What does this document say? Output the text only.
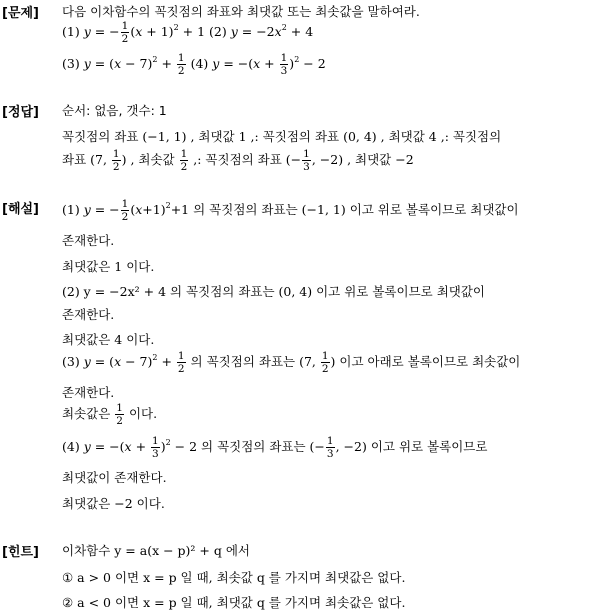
[문제] 다음 이차함수의 꼭짓점의 좌표와 최댓값 또는 최솟값을 말하여라.
(1) y = − $\frac{1}{2} (x + 1)^2 + 1$ (2) $y = -2x^2 + 4$
(3) $y = (x - 7)^2 + \frac{1}{2} (4)$ $y = -(x + \frac{1}{3} )^2 - 2$
[정답] 순서: 없음, 갯수: 1
꼭짓점의 좌표 (−1, 1) , 최댓값 1 ,: 꼭짓점의 좌표 (0, 4) , 최댓값 4 ,: 꼭짓점의
좌표 (7, $\frac{1}{2}$ ) , 최솟값 $\frac{1}{2}$ ,: 꼭짓점의 좌표 (− $\frac{1}{3}$ , −2) , 최댓값 −2
[해설] (1) y = − $\frac{1}{2} (x+1)^2+1$ 의 꼭짓점의 좌표는 (−1, 1) 이고 위로 볼록이므로 최댓값이
존재한다.
최댓값은 1 이다.
(2) y = −2x² + 4 의 꼭짓점의 좌표는 (0, 4) 이고 위로 볼록이므로 최댓값이
존재한다.
최댓값은 4 이다.
(3) $y = (x - 7)^2 + \frac{1}{2}$ 의 꼭짓점의 좌표는 (7, $\frac{1}{2}$ ) 이고 아래로 볼록이므로 최솟값이
존재한다.
최솟값은 $\frac{1}{2}$ 이다.
(4) $y = -(x + \frac{1}{3} )^2 - 2$ 의 꼭짓점의 좌표는 (− $\frac{1}{3}$ , −2) 이고 위로 볼록이므로
최댓값이 존재한다.
최댓값은 −2 이다.
[힌트] 이차함수 y = a(x − p)² + q 에서
① a > 0 이면 x = p 일 때, 최솟값 q 를 가지며 최댓값은 없다.
② a < 0 이면 x = p 일 때, 최댓값 q 를 가지며 최솟값은 없다.
